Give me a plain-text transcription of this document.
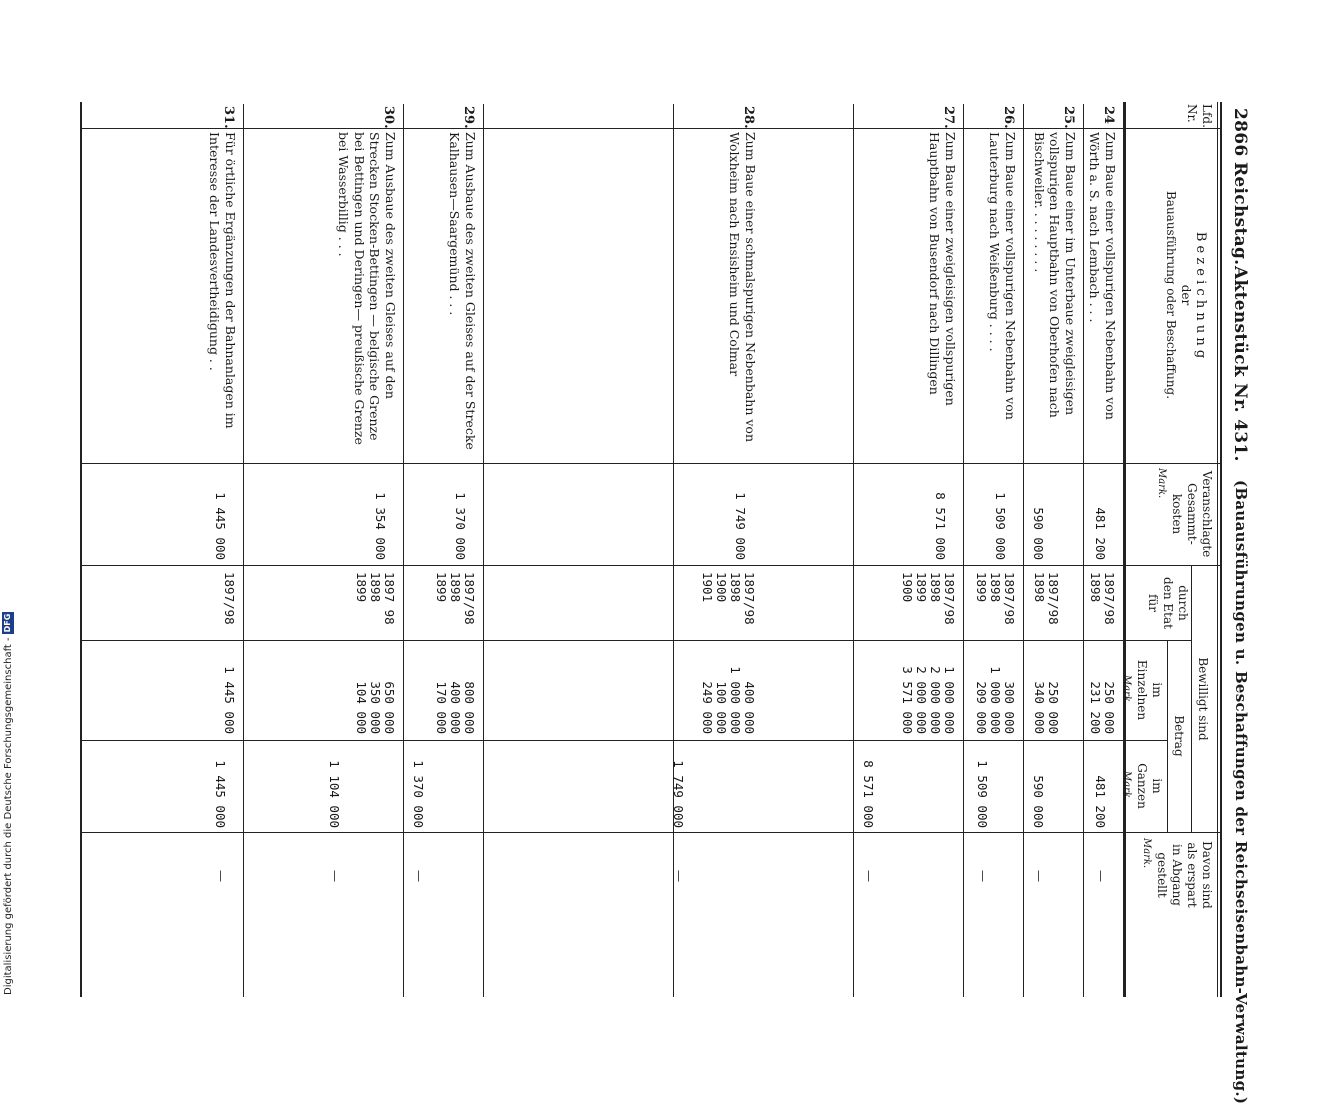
2866
Reichstag.
Aktenstück Nr. 431.
(Bauausführungen u. Beschaffungen der Reichseisenbahn-Verwaltung.)
Lfd.
Nr.
B e z e i c h n u n g
der
Bauausführung oder Beschaffung.
Veranschlagte
Gesammt-
kosten
Mark.
Bewilligt sind
durch
den Etat
für
Betrag
im
Einzelnen
Mark.
im
Ganzen
Mark.
Davon sind
als erspart
in Abgang
gestellt
Mark.
24
Zum Baue einer vollspurigen Nebenbahn von Wörth a. S. nach Lembach . . .
481 200
1897/98
1898
250 000
231 200
481 200
—
25.
Zum Baue einer im Unterbaue zweigleisigen vollspurigen Hauptbahn von Oberhofen nach Bischweiler. . . . . . . . .
590 000
1897/98
1898
250 000
340 000
590 000
—
26.
Zum Baue einer vollspurigen Nebenbahn von Lauterburg nach Weißenburg . . . .
1 509 000
1897/98
1898
1899
300 000
1 000 000
209 000
1 509 000
—
27.
Zum Baue einer zweigleisigen vollspurigen Hauptbahn von Busendorf nach Dillingen
8 571 000
1897/98
1898
1899
1900
1 000 000
2 000 000
2 000 000
3 571 000
8 571 000
—
28.
Zum Baue einer schmalspurigen Nebenbahn von Wolxheim nach Ensisheim und Colmar
1 749 000
1897/98
1898
1900
1901
400 000
1 000 000
100 000
249 000
1 749 000
—
29.
Zum Ausbaue des zweiten Gleises auf der Strecke Kalhausen—Saargemünd . . .
1 370 000
1897/98
1898
1899
800 000
400 000
170 000
1 370 000
—
30.
Zum Ausbaue des zweiten Gleises auf den Strecken Stocken-Bettingen — belgische Grenze bei Bettingen und Deringen— preußische Grenze bei Wasserbillig . . .
1 354 000
1897 98
1898
1899
650 000
350 000
104 000
1 104 000
—
31.
Für örtliche Ergänzungen der Bahnanlagen im Interesse der Landesvertheidigung . .
1 445 000
1897/98
1 445 000
1 445 000
—
Digitalisierung gefördert durch die Deutsche Forschungsgemeinschaft -
DFG
